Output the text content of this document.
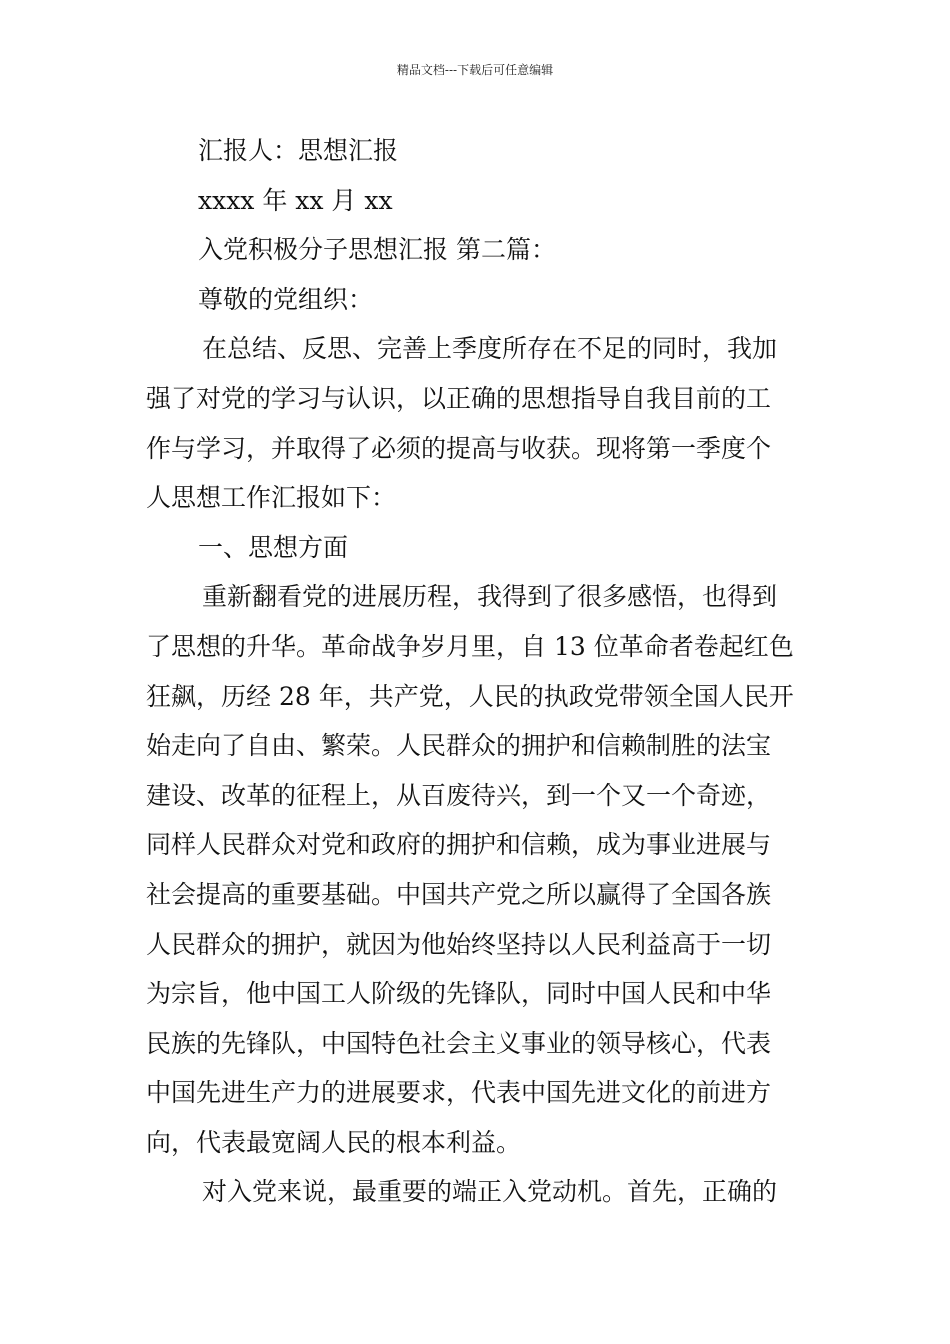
精品文档---下载后可任意编辑
汇报人：思想汇报
xxxx 年 xx 月 xx
入党积极分子思想汇报 第二篇：
尊敬的党组织：
在总结、反思、完善上季度所存在不足的同时，我加
强了对党的学习与认识，以正确的思想指导自我目前的工
作与学习，并取得了必须的提高与收获。现将第一季度个
人思想工作汇报如下：
一、思想方面
重新翻看党的进展历程，我得到了很多感悟，也得到
了思想的升华。革命战争岁月里，自 13 位革命者卷起红色
狂飙，历经 28 年，共产党，人民的执政党带领全国人民开
始走向了自由、繁荣。人民群众的拥护和信赖制胜的法宝
建设、改革的征程上，从百废待兴，到一个又一个奇迹，
同样人民群众对党和政府的拥护和信赖，成为事业进展与
社会提高的重要基础。中国共产党之所以赢得了全国各族
人民群众的拥护，就因为他始终坚持以人民利益高于一切
为宗旨，他中国工人阶级的先锋队，同时中国人民和中华
民族的先锋队，中国特色社会主义事业的领导核心，代表
中国先进生产力的进展要求，代表中国先进文化的前进方
向，代表最宽阔人民的根本利益。
对入党来说，最重要的端正入党动机。首先，正确的
